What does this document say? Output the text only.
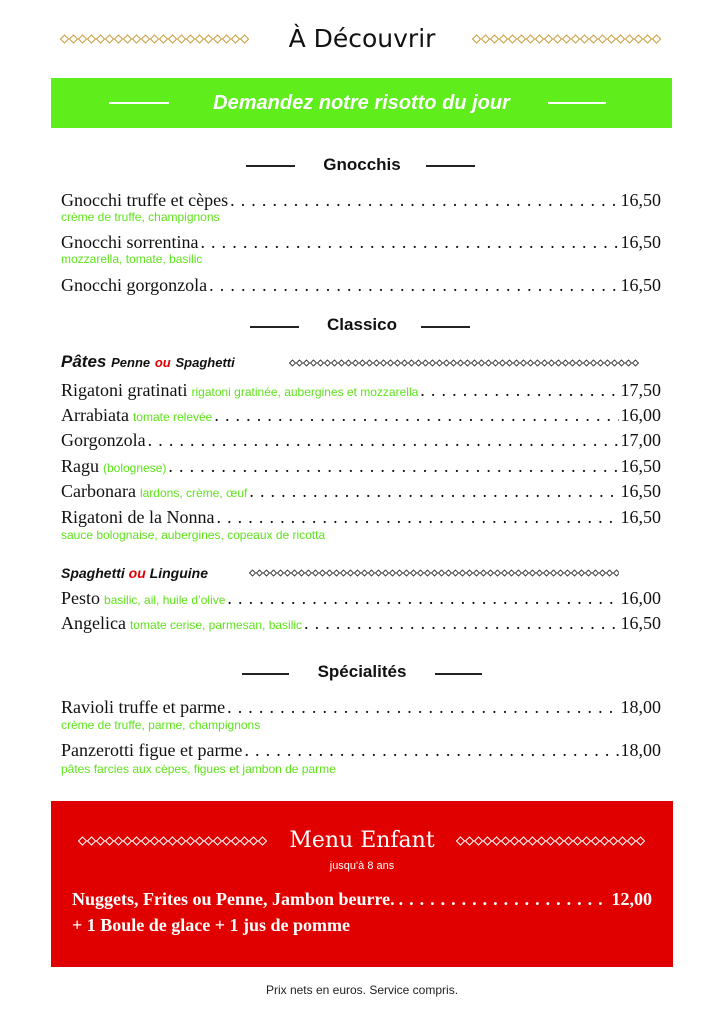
À Découvrir
Demandez notre risotto du jour
Gnocchis
Gnocchi truffe et cèpes . . .	16,50
crème de truffe, champignons
Gnocchi sorrentina . . .	16,50
mozzarella, tomate, basilic
Gnocchi gorgonzola . . .	16,50
Classico
Pâtes Penne ou Spaghetti
Rigatoni gratinati rigatoni gratinée, aubergines et mozzarella . . .	17,50
Arrabiata tomate relevée . . .	16,00
Gorgonzola . . .	17,00
Ragu (bolognese) . . .	16,50
Carbonara lardons, crème, œuf . . .	16,50
Rigatoni de la Nonna . . .	16,50
sauce bolognaise, aubergines, copeaux de ricotta
Spaghetti ou Linguine
Pesto basilic, ail, huile d’olive . . .	16,00
Angelica tomate cerise, parmesan, basilic . . .	16,50
Spécialités
Ravioli truffe et parme . . .	18,00
crème de truffe, parme, champignons
Panzerotti figue et parme . . .	18,00
pâtes farcies aux cèpes, figues et jambon de parme
Menu Enfant
jusqu'à 8 ans
Nuggets, Frites ou Penne, Jambon beurre. . . .	12,00
+ 1 Boule de glace + 1 jus de pomme
Prix nets en euros. Service compris.
